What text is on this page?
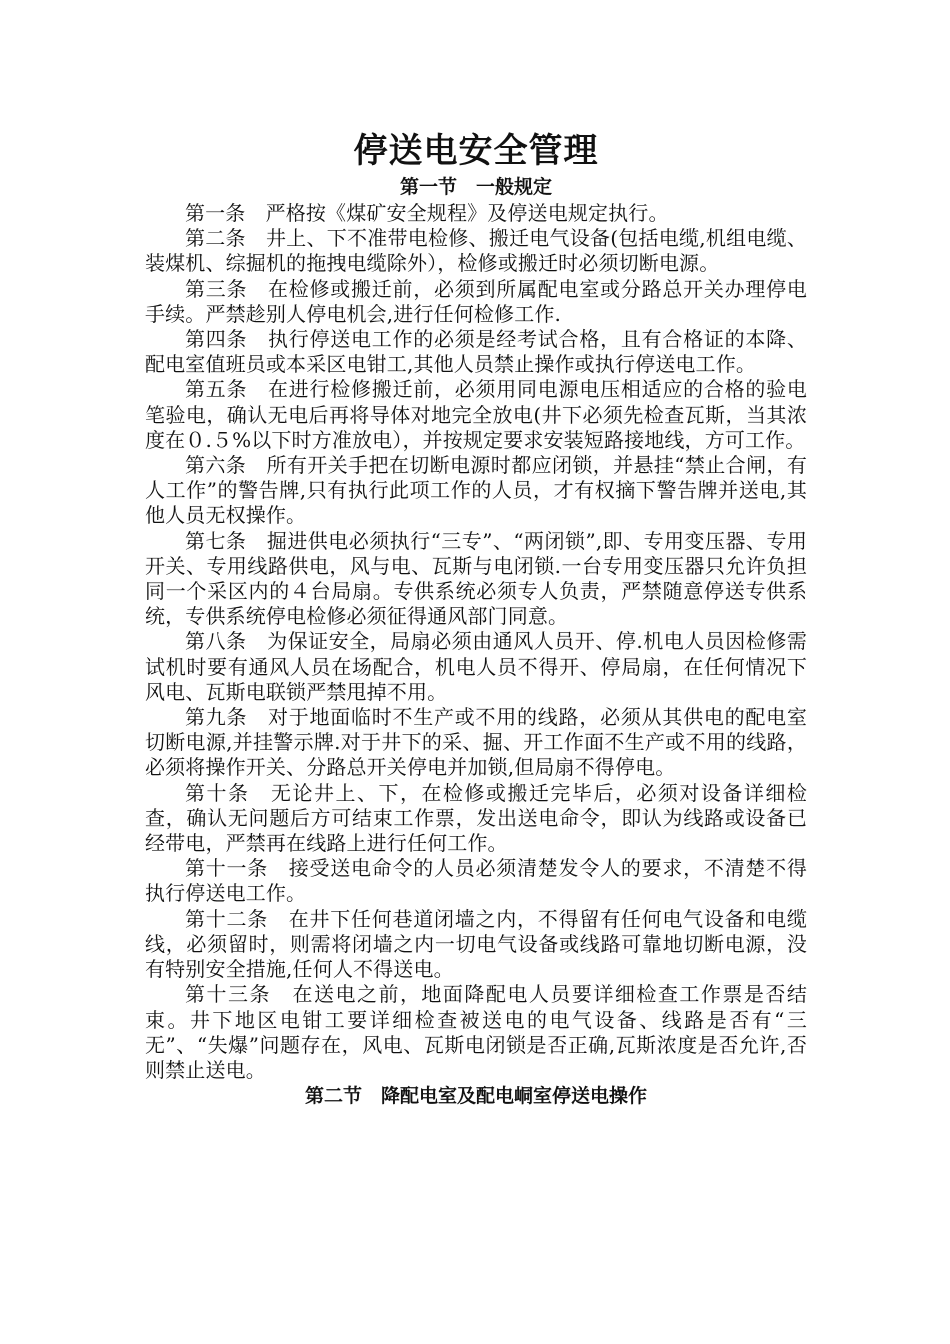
停送电安全管理
第一节　一般规定

第一条　严格按《煤矿安全规程》及停送电规定执行。

第二条　井上、下不准带电检修、搬迁电气设备(包括电缆,机组电缆、装煤机、综掘机的拖拽电缆除外），检修或搬迁时必须切断电源。

第三条　在检修或搬迁前，必须到所属配电室或分路总开关办理停电手续。严禁趁别人停电机会,进行任何检修工作.

第四条　执行停送电工作的必须是经考试合格，且有合格证的本降、配电室值班员或本采区电钳工,其他人员禁止操作或执行停送电工作。

第五条　在进行检修搬迁前，必须用同电源电压相适应的合格的验电笔验电，确认无电后再将导体对地完全放电(井下必须先检查瓦斯，当其浓度在０.５%以下时方准放电），并按规定要求安装短路接地线，方可工作。

第六条　所有开关手把在切断电源时都应闭锁，并悬挂“禁止合闸，有人工作”的警告牌,只有执行此项工作的人员，才有权摘下警告牌并送电,其他人员无权操作。

第七条　掘进供电必须执行“三专”、“两闭锁”,即、专用变压器、专用开关、专用线路供电，风与电、瓦斯与电闭锁.一台专用变压器只允许负担同一个采区内的４台局扇。专供系统必须专人负责，严禁随意停送专供系统，专供系统停电检修必须征得通风部门同意。

第八条　为保证安全，局扇必须由通风人员开、停.机电人员因检修需试机时要有通风人员在场配合，机电人员不得开、停局扇，在任何情况下风电、瓦斯电联锁严禁甩掉不用。

第九条　对于地面临时不生产或不用的线路，必须从其供电的配电室切断电源,并挂警示牌.对于井下的采、掘、开工作面不生产或不用的线路，必须将操作开关、分路总开关停电并加锁,但局扇不得停电。

第十条　无论井上、下，在检修或搬迁完毕后，必须对设备详细检查，确认无问题后方可结束工作票，发出送电命令，即认为线路或设备已经带电，严禁再在线路上进行任何工作。

第十一条　接受送电命令的人员必须清楚发令人的要求，不清楚不得执行停送电工作。

第十二条　在井下任何巷道闭墙之内，不得留有任何电气设备和电缆线，必须留时，则需将闭墙之内一切电气设备或线路可靠地切断电源，没有特别安全措施,任何人不得送电。

第十三条　在送电之前，地面降配电人员要详细检查工作票是否结束。井下地区电钳工要详细检查被送电的电气设备、线路是否有“三无”、“失爆”问题存在，风电、瓦斯电闭锁是否正确,瓦斯浓度是否允许,否则禁止送电。

第二节　降配电室及配电峒室停送电操作
